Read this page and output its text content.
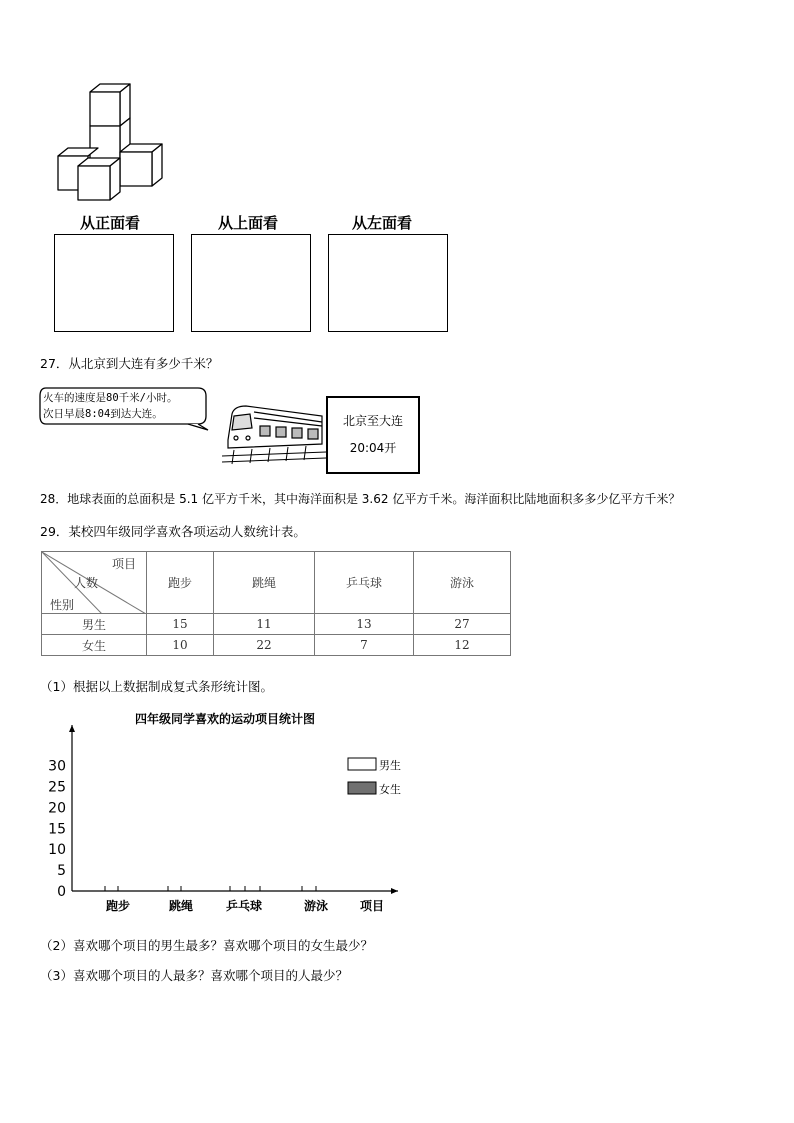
从正面看	从上面看	从左面看
27．从北京到大连有多少千米？
火车的速度是80千米/小时。
次日早晨8:04到达大连。	北京至大连
20:04开
28．地球表面的总面积是 5.1 亿平方千米，其中海洋面积是 3.62 亿平方千米。海洋面积比陆地面积多多少亿平方千米？
29．某校四年级同学喜欢各项运动人数统计表。
项目
人数
性别	跑步	跳绳	乒乓球	游泳
男生	15	11	13	27
女生	10	22	7	12
（1）根据以上数据制成复式条形统计图。
四年级同学喜欢的运动项目统计图
0
5
10
15
20
25
30
跑步	跳绳	乒乓球	游泳	项目
男生
女生
（2）喜欢哪个项目的男生最多？喜欢哪个项目的女生最少？
（3）喜欢哪个项目的人最多？喜欢哪个项目的人最少？
